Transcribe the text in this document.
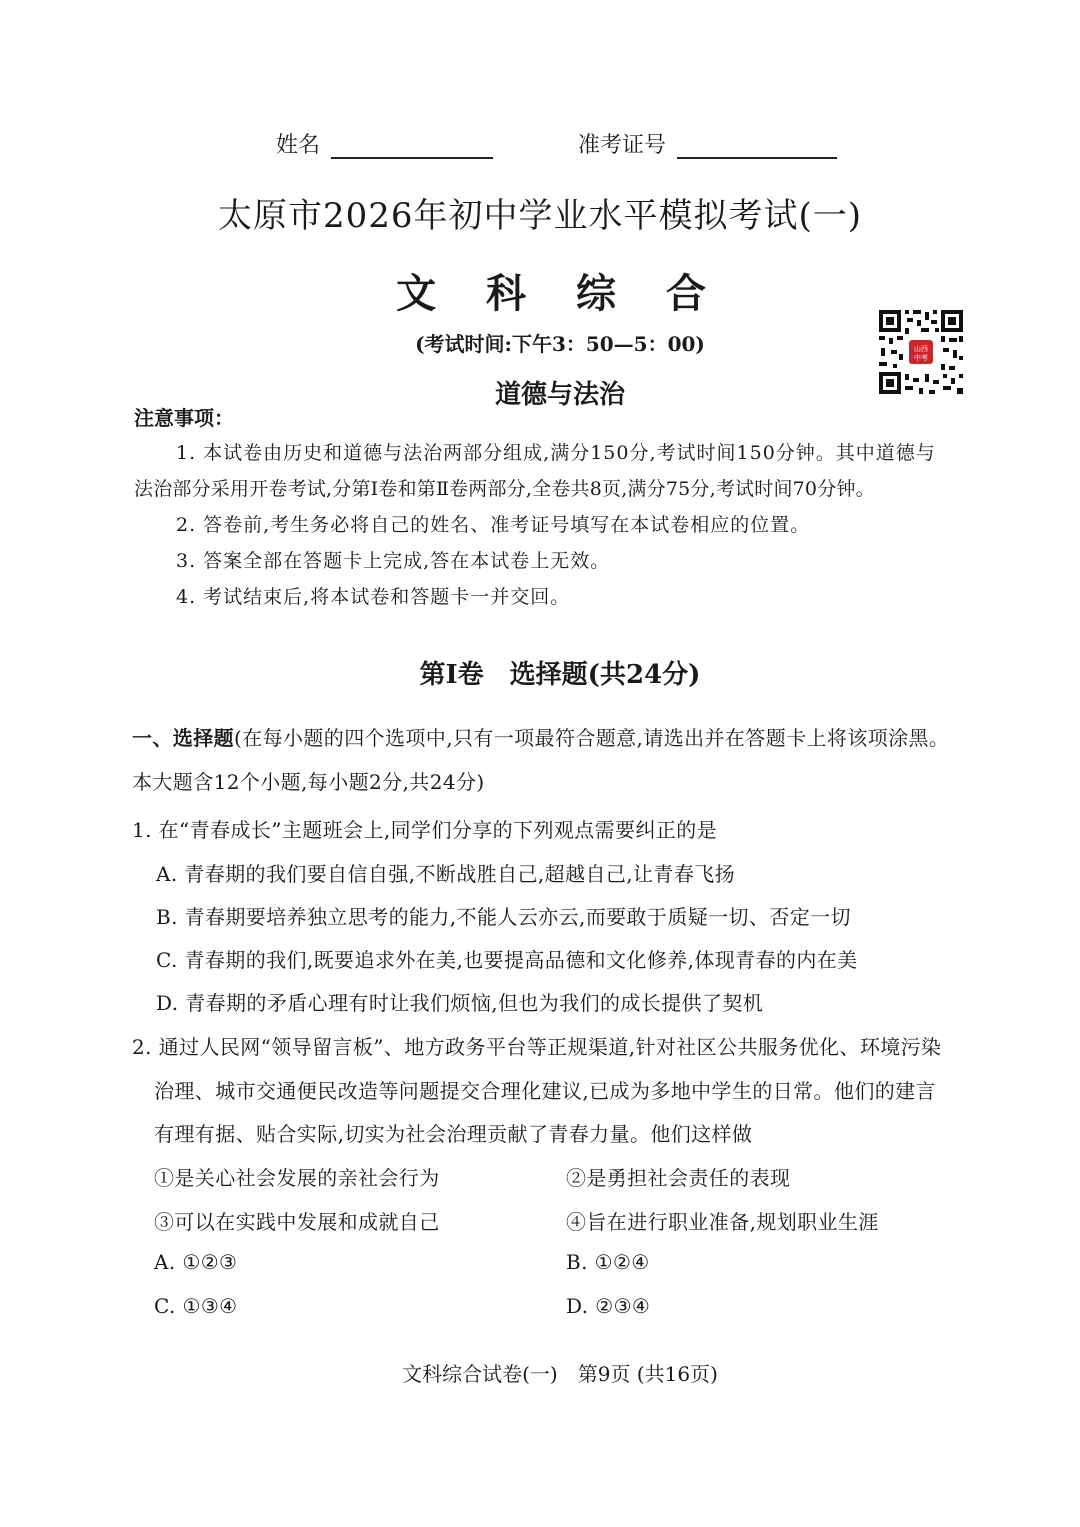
姓名	准考证号
太原市2026年初中学业水平模拟考试(一)
文 科 综 合
(考试时间:下午3：50—5：00)
道德与法治
山西
中考
注意事项：
1. 本试卷由历史和道德与法治两部分组成,满分150分,考试时间150分钟。其中道德与
法治部分采用开卷考试,分第Ⅰ卷和第Ⅱ卷两部分,全卷共8页,满分75分,考试时间70分钟。
2. 答卷前,考生务必将自己的姓名、准考证号填写在本试卷相应的位置。
3. 答案全部在答题卡上完成,答在本试卷上无效。
4. 考试结束后,将本试卷和答题卡一并交回。
第Ⅰ卷　选择题(共24分)
一、选择题(在每小题的四个选项中,只有一项最符合题意,请选出并在答题卡上将该项涂黑。
本大题含12个小题,每小题2分,共24分)
1. 在“青春成长”主题班会上,同学们分享的下列观点需要纠正的是
A. 青春期的我们要自信自强,不断战胜自己,超越自己,让青春飞扬
B. 青春期要培养独立思考的能力,不能人云亦云,而要敢于质疑一切、否定一切
C. 青春期的我们,既要追求外在美,也要提高品德和文化修养,体现青春的内在美
D. 青春期的矛盾心理有时让我们烦恼,但也为我们的成长提供了契机
2. 通过人民网“领导留言板”、地方政务平台等正规渠道,针对社区公共服务优化、环境污染
治理、城市交通便民改造等问题提交合理化建议,已成为多地中学生的日常。他们的建言
有理有据、贴合实际,切实为社会治理贡献了青春力量。他们这样做
①是关心社会发展的亲社会行为	②是勇担社会责任的表现
③可以在实践中发展和成就自己	④旨在进行职业准备,规划职业生涯
A. ①②③	B. ①②④
C. ①③④	D. ②③④
文科综合试卷(一)　第9页 (共16页)
